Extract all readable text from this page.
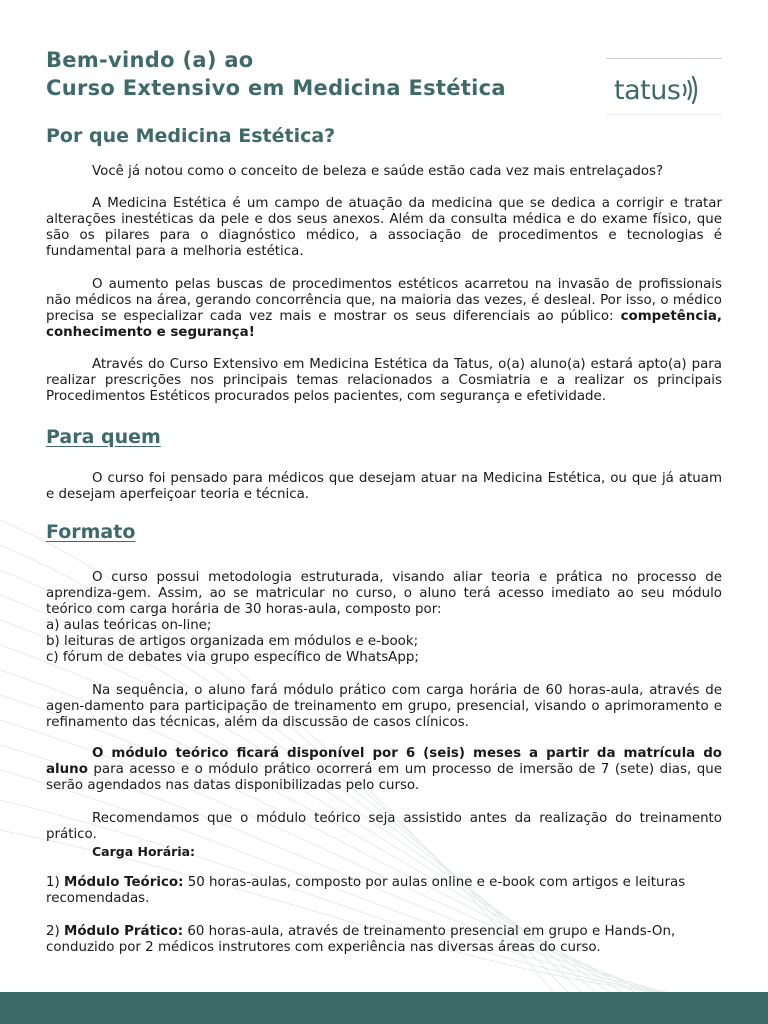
Bem-vindo (a) ao
Curso Extensivo em Medicina Estética	tatus
Por que Medicina Estética?
Você já notou como o conceito de beleza e saúde estão cada vez mais entrelaçados?
A Medicina Estética é um campo de atuação da medicina que se dedica a corrigir e tratar alterações inestéticas da pele e dos seus anexos. Além da consulta médica e do exame físico, que são os pilares para o diagnóstico médico, a associação de procedimentos e tecnologias é fundamental para a melhoria estética.
O aumento pelas buscas de procedimentos estéticos acarretou na invasão de profissionais não médicos na área, gerando concorrência que, na maioria das vezes, é desleal. Por isso, o médico precisa se especializar cada vez mais e mostrar os seus diferenciais ao público: competência, conhecimento e segurança!
Através do Curso Extensivo em Medicina Estética da Tatus, o(a) aluno(a) estará apto(a) para realizar prescrições nos principais temas relacionados a Cosmiatria e a realizar os principais Procedimentos Estéticos procurados pelos pacientes, com segurança e efetividade.
Para quem
O curso foi pensado para médicos que desejam atuar na Medicina Estética, ou que já atuam e desejam aperfeiçoar teoria e técnica.
Formato
O curso possui metodologia estruturada, visando aliar teoria e prática no processo de aprendiza-gem. Assim, ao se matricular no curso, o aluno terá acesso imediato ao seu módulo teórico com carga horária de 30 horas-aula, composto por:
a) aulas teóricas on-line;
b) leituras de artigos organizada em módulos e e-book;
c) fórum de debates via grupo específico de WhatsApp;
Na sequência, o aluno fará módulo prático com carga horária de 60 horas-aula, através de agen-damento para participação de treinamento em grupo, presencial, visando o aprimoramento e refinamento das técnicas, além da discussão de casos clínicos.
O módulo teórico ficará disponível por 6 (seis) meses a partir da matrícula do aluno para acesso e o módulo prático ocorrerá em um processo de imersão de 7 (sete) dias, que serão agendados nas datas disponibilizadas pelo curso.
Recomendamos que o módulo teórico seja assistido antes da realização do treinamento prático.
Carga Horária:
1) Módulo Teórico: 50 horas-aulas, composto por aulas online e e-book com artigos e leituras recomendadas.
2) Módulo Prático: 60 horas-aula, através de treinamento presencial em grupo e Hands-On, conduzido por 2 médicos instrutores com experiência nas diversas áreas do curso.
